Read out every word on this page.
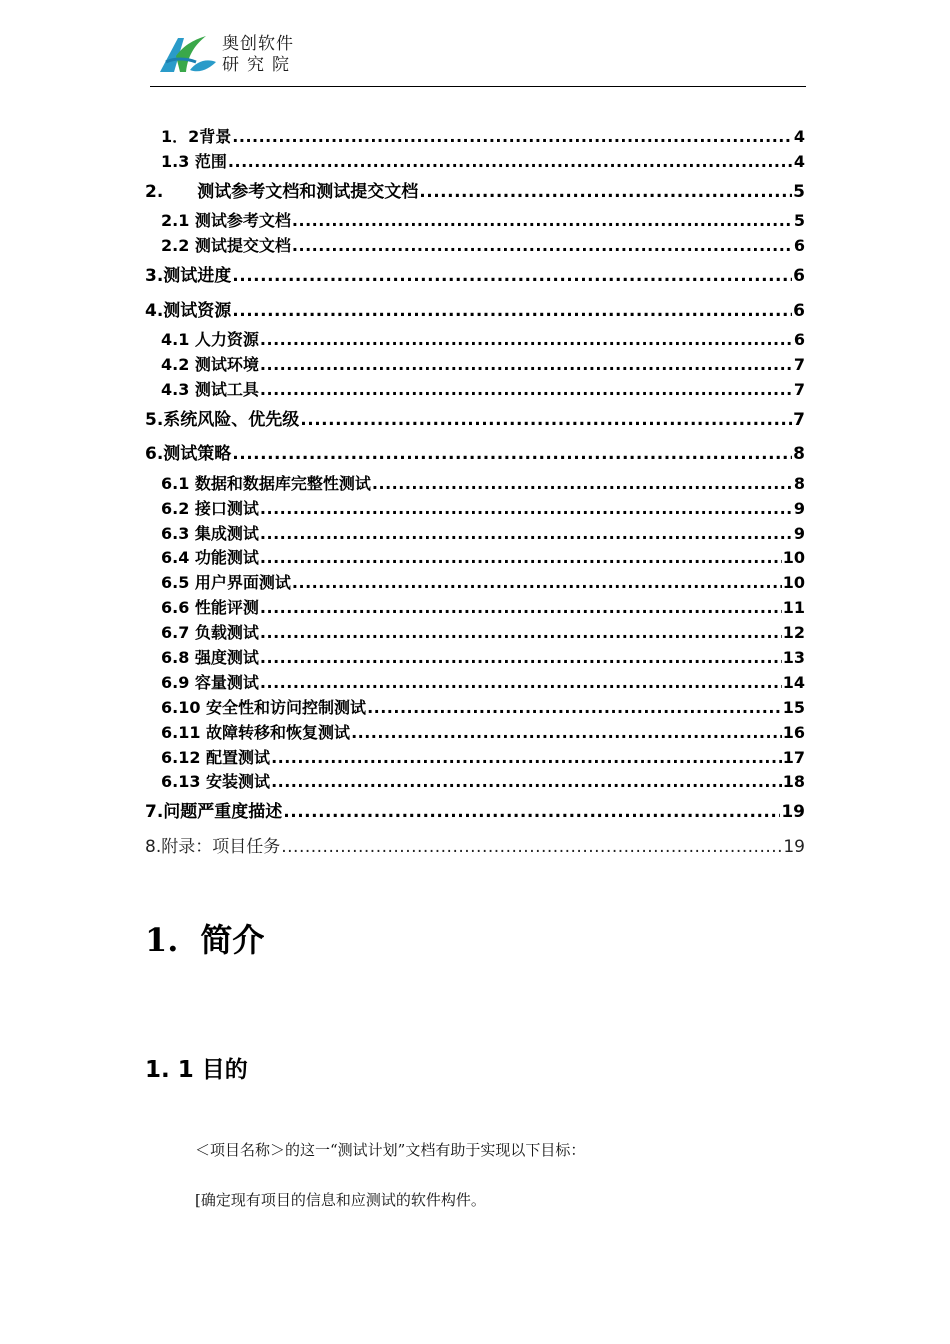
奥创软件
研究院
1．2背景 .....	4
1.3 范围 .....	4
2.　　测试参考文档和测试提交文档 .....	5
2.1 测试参考文档 .....	5
2.2 测试提交文档 .....	6
3.测试进度 .....	6
4.测试资源 .....	6
4.1 人力资源 .....	6
4.2 测试环境 .....	7
4.3 测试工具 .....	7
5.系统风险、优先级 .....	7
6.测试策略 .....	8
6.1 数据和数据库完整性测试 .....	8
6.2 接口测试 .....	9
6.3 集成测试 .....	9
6.4 功能测试 .....	10
6.5 用户界面测试 .....	10
6.6 性能评测 .....	11
6.7 负载测试 .....	12
6.8 强度测试 .....	13
6.9 容量测试 .....	14
6.10 安全性和访问控制测试 .....	15
6.11 故障转移和恢复测试 .....	16
6.12 配置测试 .....	17
6.13 安装测试 .....	18
7.问题严重度描述 .....	19
8.附录：项目任务 .....	19
1. 简介
1. 1 目的
＜项目名称＞的这一“测试计划”文档有助于实现以下目标：
[确定现有项目的信息和应测试的软件构件。
